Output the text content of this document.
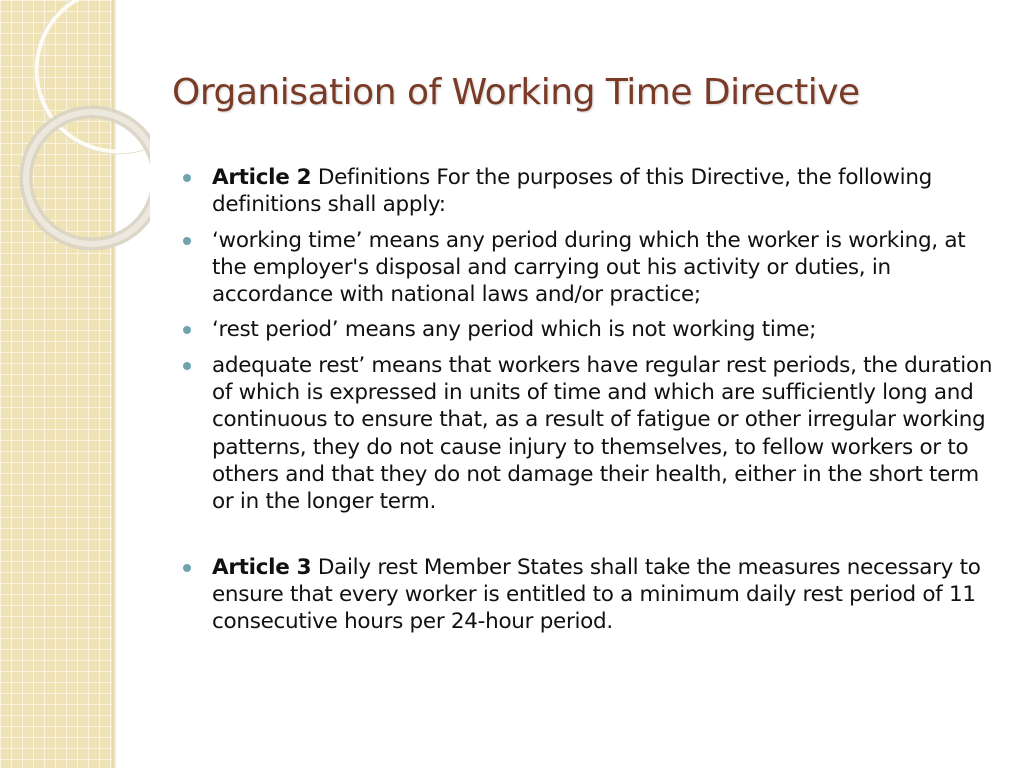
Organisation of Working Time Directive
Article 2 Definitions For the purposes of this Directive, the following definitions shall apply:
‘working time’ means any period during which the worker is working, at the employer's disposal and carrying out his activity or duties, in accordance with national laws and/or practice;
‘rest period’ means any period which is not working time;
adequate rest’ means that workers have regular rest periods, the duration of which is expressed in units of time and which are sufficiently long and continuous to ensure that, as a result of fatigue or other irregular working patterns, they do not cause injury to themselves, to fellow workers or to others and that they do not damage their health, either in the short term or in the longer term.
Article 3 Daily rest Member States shall take the measures necessary to ensure that every worker is entitled to a minimum daily rest period of 11 consecutive hours per 24-hour period.
